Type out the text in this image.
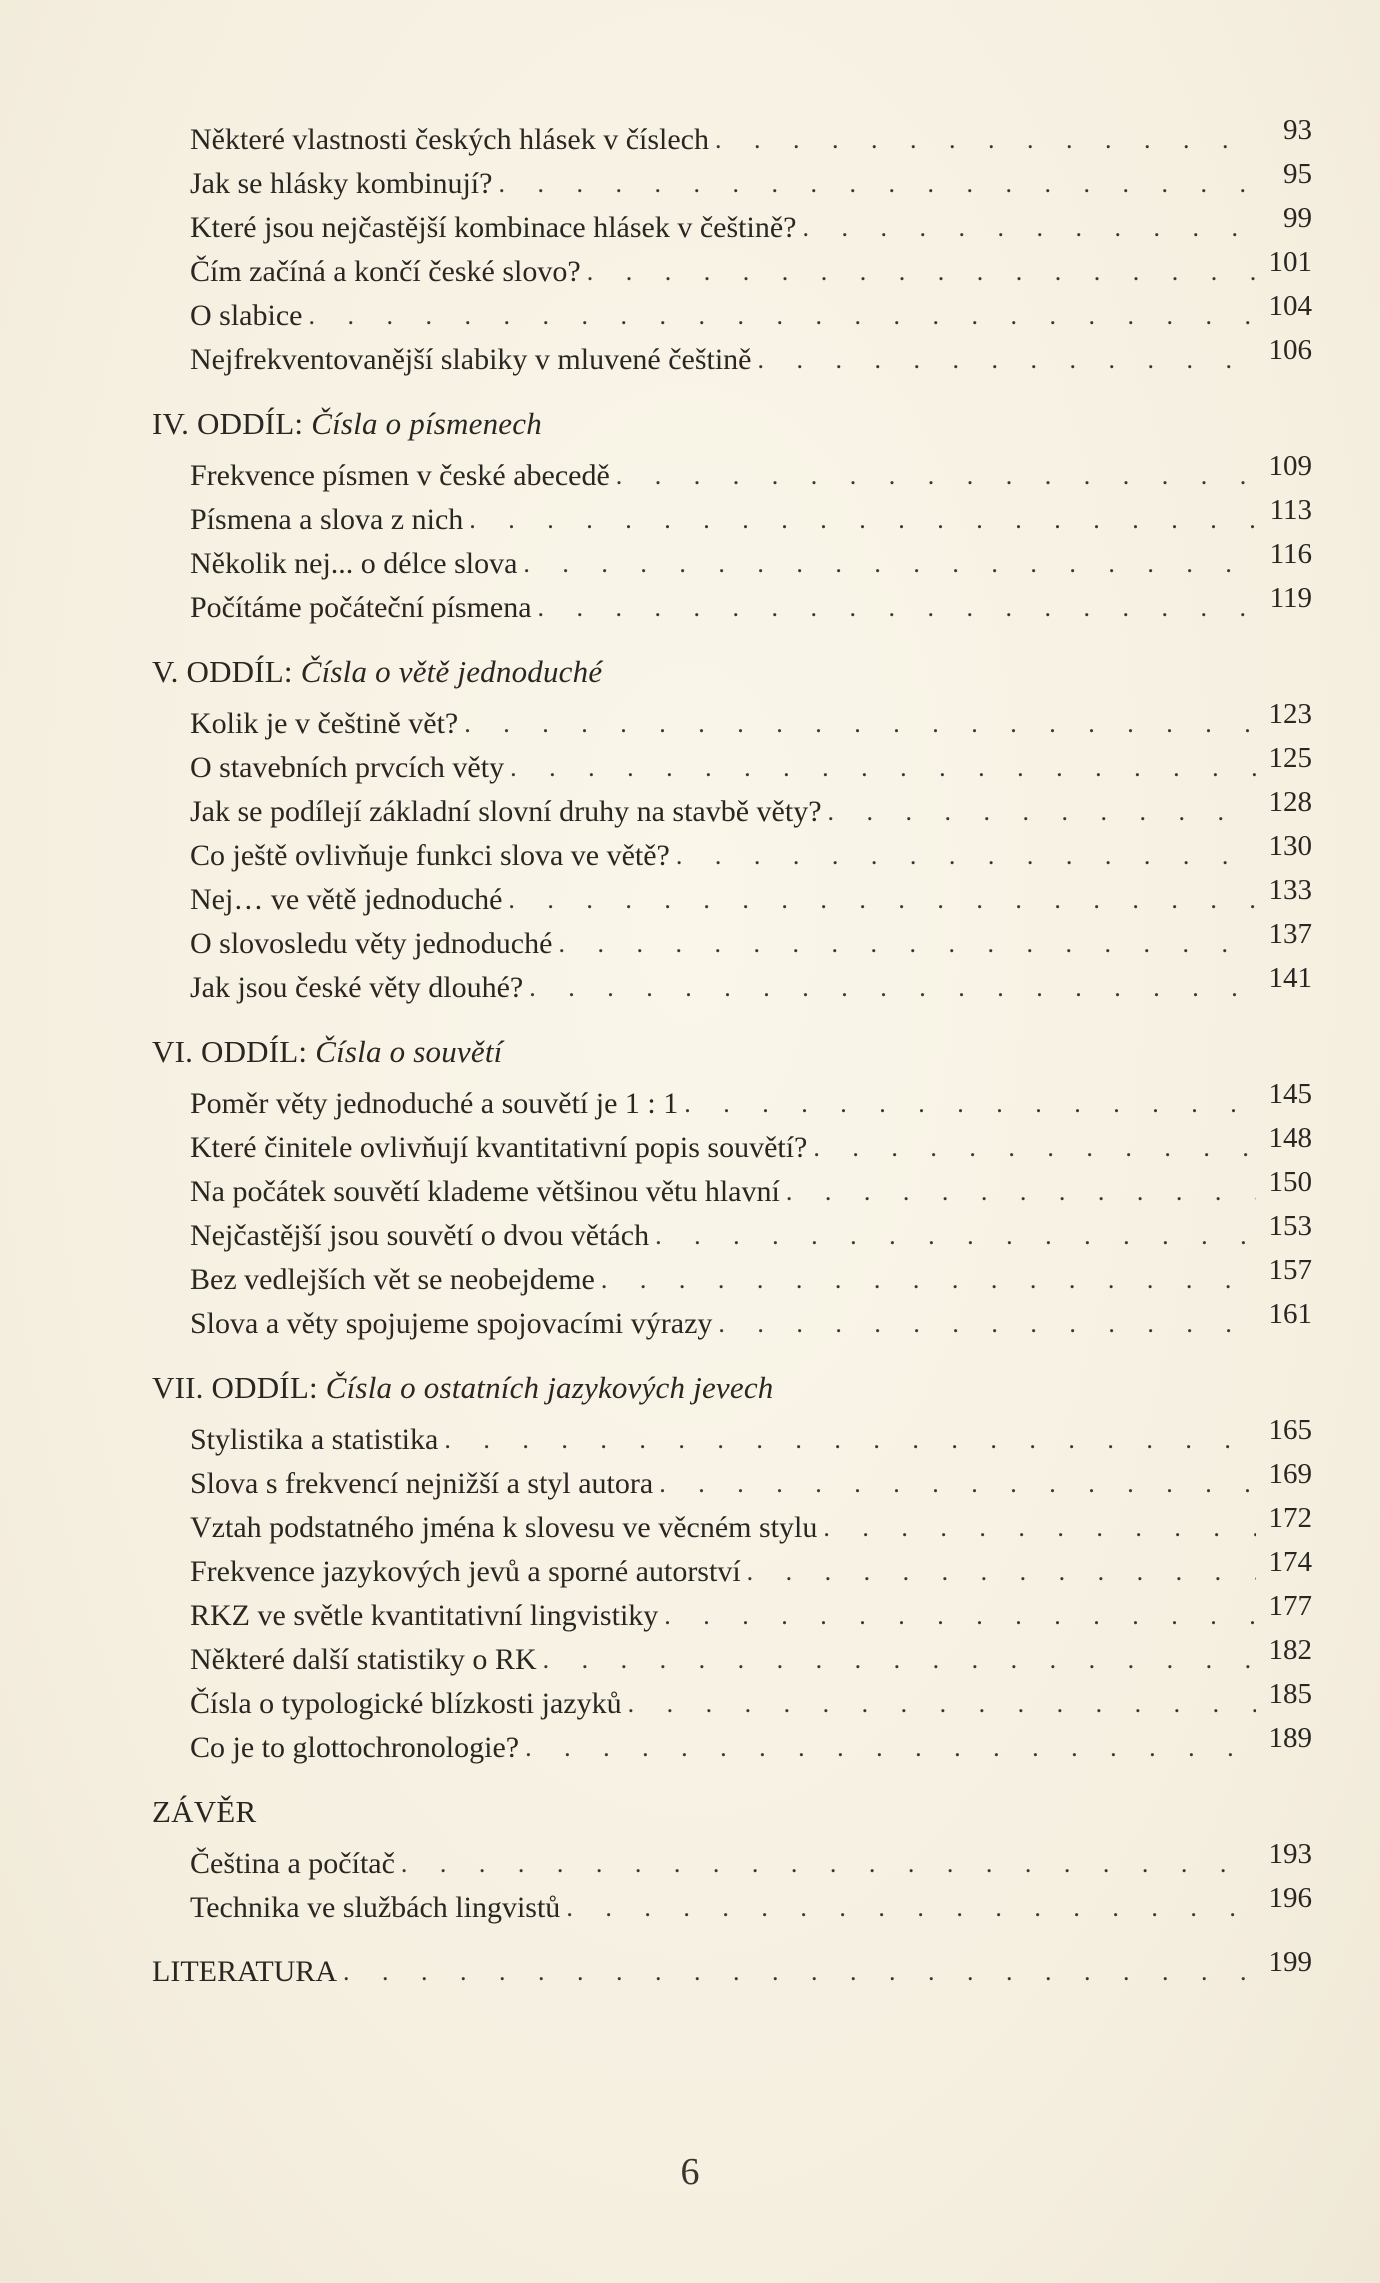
Některé vlastnosti českých hlásek v číslech . . .	93
Jak se hlásky kombinují? . . .	95
Které jsou nejčastější kombinace hlásek v češtině? . . .	99
Čím začíná a končí české slovo? . . .	101
O slabice . . .	104
Nejfrekventovanější slabiky v mluvené češtině . . .	106
IV. ODDÍL: Čísla o písmenech
Frekvence písmen v české abecedě . . .	109
Písmena a slova z nich . . .	113
Několik nej... o délce slova . . .	116
Počítáme počáteční písmena . . .	119
V. ODDÍL: Čísla o větě jednoduché
Kolik je v češtině vět? . . .	123
O stavebních prvcích věty . . .	125
Jak se podílejí základní slovní druhy na stavbě věty? . . .	128
Co ještě ovlivňuje funkci slova ve větě? . . .	130
Nej… ve větě jednoduché . . .	133
O slovosledu věty jednoduché . . .	137
Jak jsou české věty dlouhé? . . .	141
VI. ODDÍL: Čísla o souvětí
Poměr věty jednoduché a souvětí je 1 : 1 . . .	145
Které činitele ovlivňují kvantitativní popis souvětí? . . .	148
Na počátek souvětí klademe většinou větu hlavní . . .	150
Nejčastější jsou souvětí o dvou větách . . .	153
Bez vedlejších vět se neobejdeme . . .	157
Slova a věty spojujeme spojovacími výrazy . . .	161
VII. ODDÍL: Čísla o ostatních jazykových jevech
Stylistika a statistika . . .	165
Slova s frekvencí nejnižší a styl autora . . .	169
Vztah podstatného jména k slovesu ve věcném stylu . . .	172
Frekvence jazykových jevů a sporné autorství . . .	174
RKZ ve světle kvantitativní lingvistiky . . .	177
Některé další statistiky o RK . . .	182
Čísla o typologické blízkosti jazyků . . .	185
Co je to glottochronologie? . . .	189
ZÁVĚR
Čeština a počítač . . .	193
Technika ve službách lingvistů . . .	196
LITERATURA . . .	199
6
